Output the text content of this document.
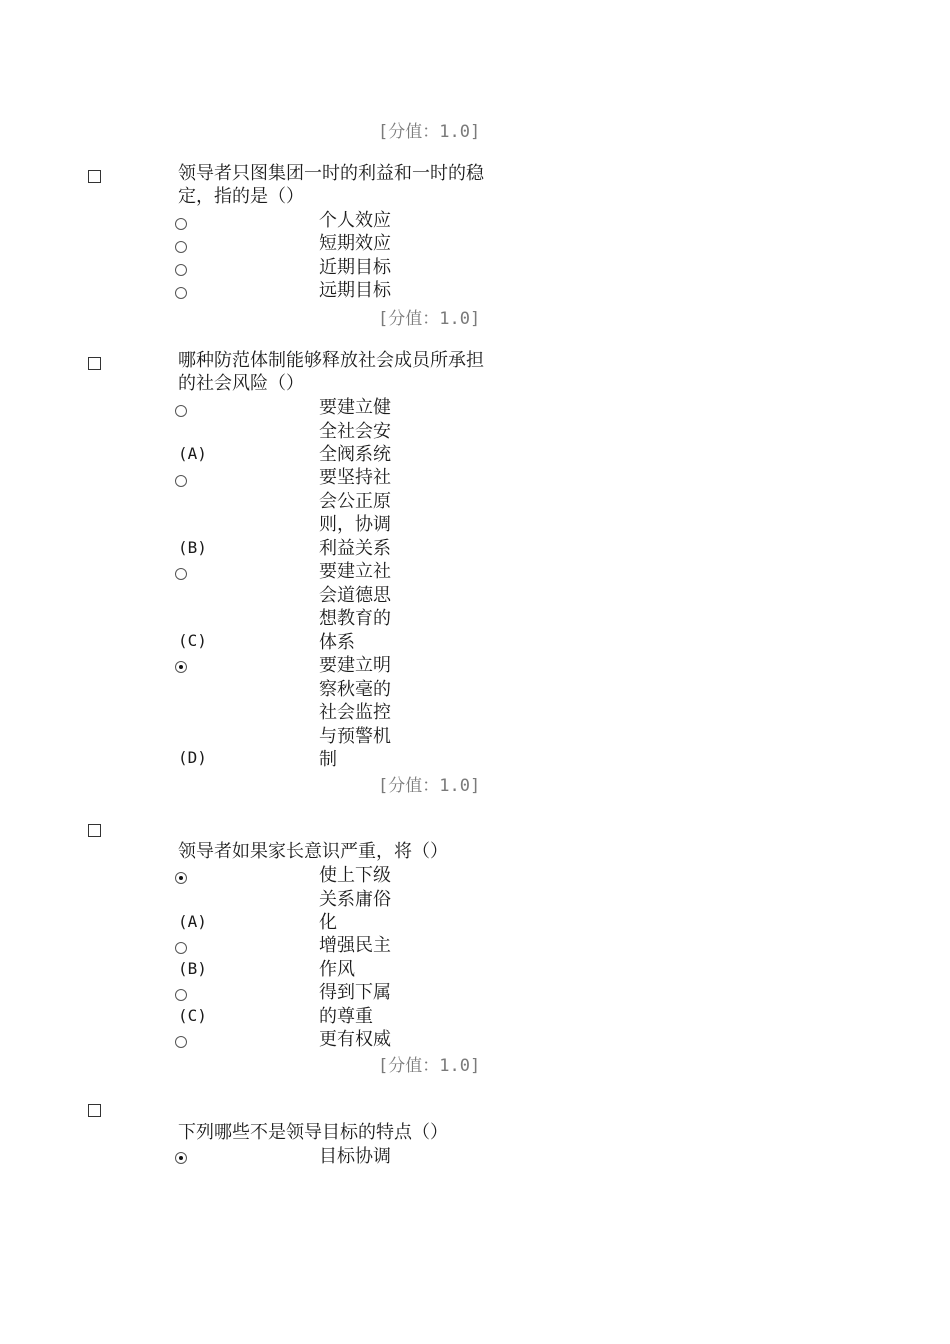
[分值：1.0]
领导者只图集团一时的利益和一时的稳定，指的是（）
个人效应
短期效应
近期目标
远期目标
[分值：1.0]
哪种防范体制能够释放社会成员所承担的社会风险（）
要建立健全社会安全阀系统
(A)
要坚持社会公正原则，协调利益关系
(B)
要建立社会道德思想教育的体系
(C)
要建立明察秋毫的社会监控与预警机制
(D)
[分值：1.0]
领导者如果家长意识严重，将（）
使上下级关系庸俗化
(A)
增强民主作风
(B)
得到下属的尊重
(C)
更有权威
[分值：1.0]
下列哪些不是领导目标的特点（）
目标协调
